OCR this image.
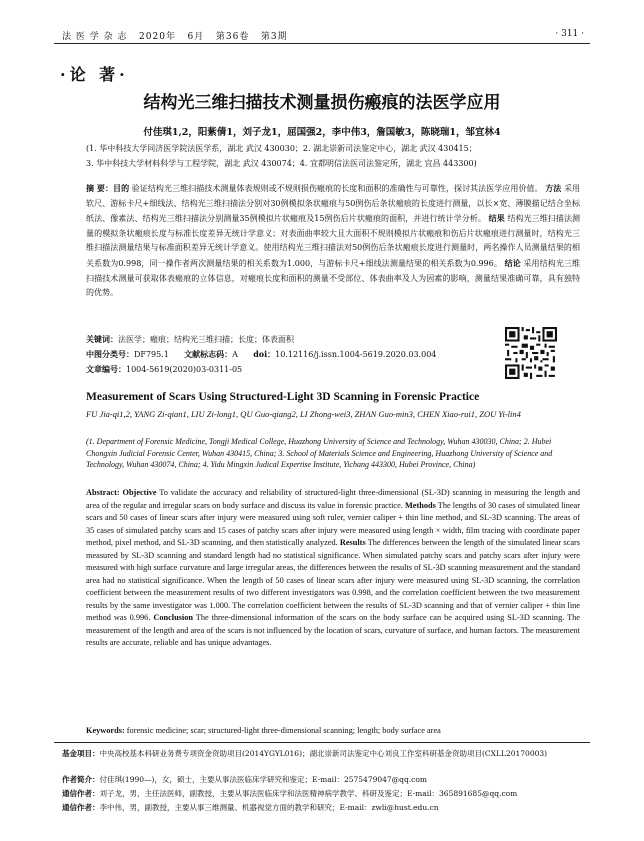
法 医 学 杂 志 2020年 6月 第36卷 第3期	· 311 ·
·论 著·
结构光三维扫描技术测量损伤瘢痕的法医学应用
付佳琪1,2，阳紫倩1，刘子龙1，屈国强2，李中伟3，詹国敏3，陈晓瑞1，邹宜林4
(1. 华中科技大学同济医学院法医学系，湖北 武汉 430030；2. 湖北崇新司法鉴定中心，湖北 武汉 430415；
3. 华中科技大学材料科学与工程学院，湖北 武汉 430074；4. 宜都明信法医司法鉴定所，湖北 宜昌 443300)
摘 要：目的 验证结构光三维扫描技术测量体表规则或不规则损伤瘢痕的长度和面积的准确性与可靠性，探讨其法医学应用价值。 方法 采用软尺、游标卡尺+细线法、结构光三维扫描法分别对30例模拟条状瘢痕与50例伤后条状瘢痕的长度进行测量，以长×宽、薄膜描记结合坐标纸法、像素法、结构光三维扫描法分别测量35例模拟片状瘢痕及15例伤后片状瘢痕的面积，并进行统计学分析。 结果 结构光三维扫描法测量的模拟条状瘢痕长度与标准长度差异无统计学意义；对表面曲率较大且大面积不规则模拟片状瘢痕和伤后片状瘢痕进行测量时，结构光三维扫描法测量结果与标准面积差异无统计学意义。使用结构光三维扫描法对50例伤后条状瘢痕长度进行测量时，两名操作人员测量结果的相关系数为0.998，同一操作者两次测量结果的相关系数为1.000，与游标卡尺+细线法测量结果的相关系数为0.996。 结论 采用结构光三维扫描技术测量可获取体表瘢痕的立体信息，对瘢痕长度和面积的测量不受部位、体表曲率及人为因素的影响，测量结果准确可靠，具有独特的优势。
关键词：法医学；瘢痕；结构光三维扫描；长度；体表面积
中图分类号：DF795.1 文献标志码：A doi：10.12116/j.issn.1004-5619.2020.03.004
文章编号：1004-5619(2020)03-0311-05
Measurement of Scars Using Structured-Light 3D Scanning in Forensic Practice
FU Jia-qi1,2, YANG Zi-qian1, LIU Zi-long1, QU Guo-qiang2, LI Zhong-wei3, ZHAN Guo-min3, CHEN Xiao-rui1, ZOU Yi-lin4
(1. Department of Forensic Medicine, Tongji Medical College, Huazhong University of Science and Technology, Wuhan 430030, China; 2. Hubei Chongxin Judicial Forensic Center, Wuhan 430415, China; 3. School of Materials Science and Engineering, Huazhong University of Science and Technology, Wuhan 430074, China; 4. Yidu Mingxin Judical Expertise Institute, Yichang 443300, Hubei Province, China)
Abstract: Objective To validate the accuracy and reliability of structured-light three-dimensional (SL-3D) scanning in measuring the length and area of the regular and irregular scars on body surface and discuss its value in forensic practice. Methods The lengths of 30 cases of simulated linear scars and 50 cases of linear scars after injury were measured using soft ruler, vernier caliper + thin line method, and SL-3D scanning. The areas of 35 cases of simulated patchy scars and 15 cases of patchy scars after injury were measured using length × width, film tracing with coordinate paper method, pixel method, and SL-3D scanning, and then statistically analyzed. Results The differences between the length of the simulated linear scars measured by SL-3D scanning and standard length had no statistical significance. When simulated patchy scars and patchy scars after injury were measured with high surface curvature and large irregular areas, the differences between the results of SL-3D scanning measurement and the standard area had no statistical significance. When the length of 50 cases of linear scars after injury were measured using SL-3D scanning, the correlation coefficient between the measurement results of two different investigators was 0.998, and the correlation coefficient between the two measurement results by the same investigator was 1.000. The correlation coefficient between the results of SL-3D scanning and that of vernier caliper + thin line method was 0.996. Conclusion The three-dimensional information of the scars on the body surface can be acquired using SL-3D scanning. The measurement of the length and area of the scars is not influenced by the location of scars, curvature of surface, and human factors. The measurement results are accurate, reliable and has unique advantages.
Keywords: forensic medicine; scar; structured-light three-dimensional scanning; length; body surface area
基金项目：中央高校基本科研业务费专项资金资助项目(2014YGYL016)；湖北崇新司法鉴定中心刘良工作室科研基金资助项目(CXLL20170003)
作者简介：付佳琪(1990—)，女，硕士，主要从事法医临床学研究和鉴定；E-mail：2575479047@qq.com
通信作者：刘子龙，男，主任法医师，副教授，主要从事法医临床学和法医精神病学教学、科研及鉴定；E-mail：365891685@qq.com
通信作者：李中伟，男，副教授，主要从事三维测量、机器视觉方面的教学和研究；E-mail：zwli@hust.edu.cn
